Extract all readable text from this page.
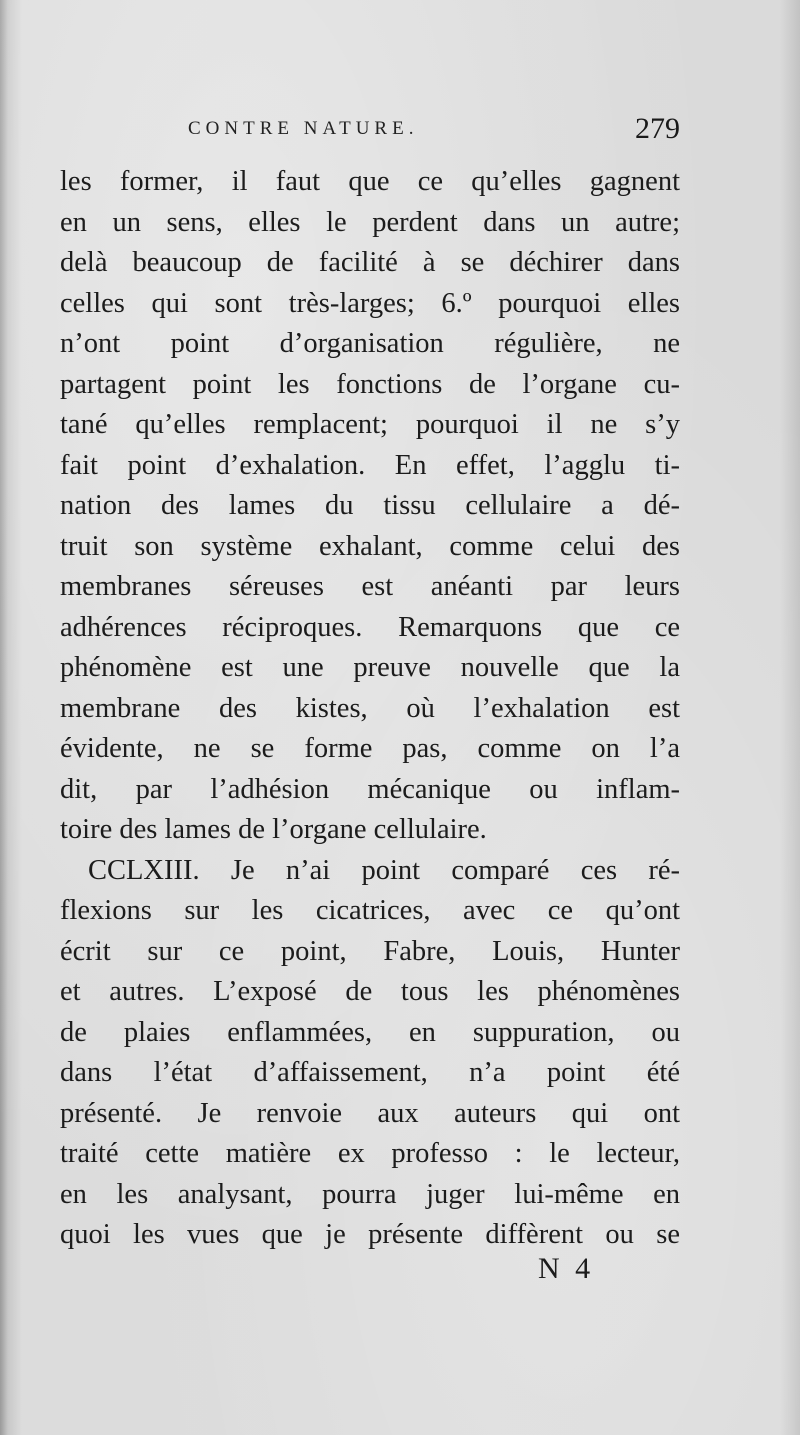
CONTRE NATURE.	279
les former, il faut que ce qu’elles gagnent
en un sens, elles le perdent dans un autre;
delà beaucoup de facilité à se déchirer dans
celles qui sont très-larges; 6.º pourquoi elles
n’ont point d’organisation régulière, ne
partagent point les fonctions de l’organe cu-
tané qu’elles remplacent; pourquoi il ne s’y
fait point d’exhalation. En effet, l’agglu ti-
nation des lames du tissu cellulaire a dé-
truit son système exhalant, comme celui des
membranes séreuses est anéanti par leurs
adhérences réciproques. Remarquons que ce
phénomène est une preuve nouvelle que la
membrane des kistes, où l’exhalation est
évidente, ne se forme pas, comme on l’a
dit, par l’adhésion mécanique ou inflam-
toire des lames de l’organe cellulaire.
CCLXIII. Je n’ai point comparé ces ré-
flexions sur les cicatrices, avec ce qu’ont
écrit sur ce point, Fabre, Louis, Hunter
et autres. L’exposé de tous les phénomènes
de plaies enflammées, en suppuration, ou
dans l’état d’affaissement, n’a point été
présenté. Je renvoie aux auteurs qui ont
traité cette matière ex professo : le lecteur,
en les analysant, pourra juger lui-même en
quoi les vues que je présente diffèrent ou se
N 4
